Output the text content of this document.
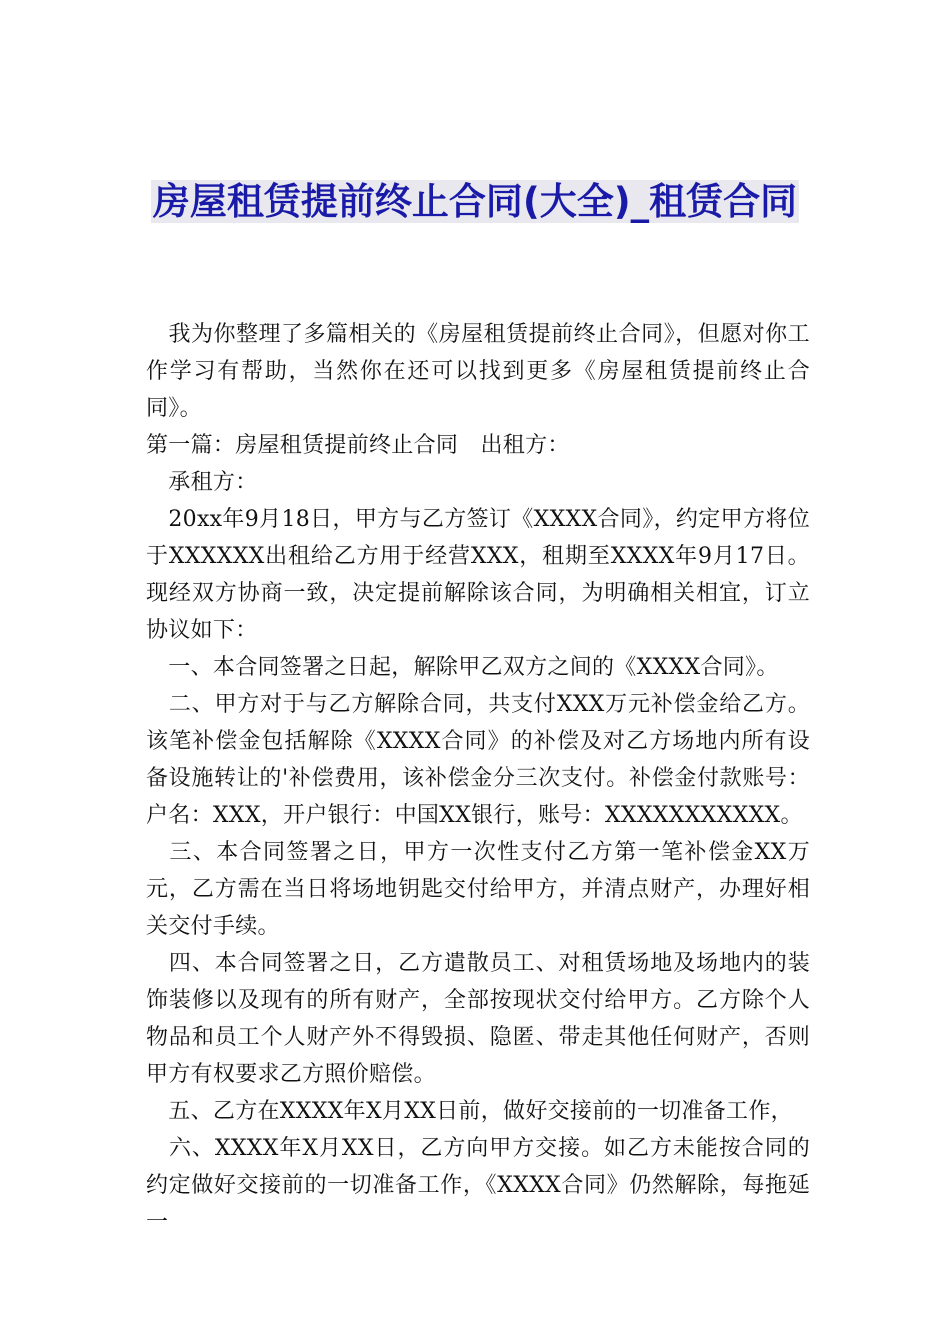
房屋租赁提前终止合同(大全)_租赁合同

　我为你整理了多篇相关的《房屋租赁提前终止合同》，但愿对你工作学习有帮助，当然你在还可以找到更多《房屋租赁提前终止合同》。

第一篇：房屋租赁提前终止合同　出租方：

　承租方：

　20xx年9月18日，甲方与乙方签订《XXXX合同》，约定甲方将位于XXXXXX出租给乙方用于经营XXX，租期至XXXX年9月17日。现经双方协商一致，决定提前解除该合同，为明确相关相宜，订立协议如下：

　一、本合同签署之日起，解除甲乙双方之间的《XXXX合同》。

　二、甲方对于与乙方解除合同，共支付XXX万元补偿金给乙方。该笔补偿金包括解除《XXXX合同》的补偿及对乙方场地内所有设备设施转让的'补偿费用，该补偿金分三次支付。补偿金付款账号：户名：XXX，开户银行：中国XX银行，账号：XXXXXXXXXXX。

　三、本合同签署之日，甲方一次性支付乙方第一笔补偿金XX万元，乙方需在当日将场地钥匙交付给甲方，并清点财产，办理好相关交付手续。

　四、本合同签署之日，乙方遣散员工、对租赁场地及场地内的装饰装修以及现有的所有财产，全部按现状交付给甲方。乙方除个人物品和员工个人财产外不得毁损、隐匿、带走其他任何财产，否则甲方有权要求乙方照价赔偿。

　五、乙方在XXXX年X月XX日前，做好交接前的一切准备工作，

　六、XXXX年X月XX日，乙方向甲方交接。如乙方未能按合同的约定做好交接前的一切准备工作，《XXXX合同》仍然解除，每拖延一
